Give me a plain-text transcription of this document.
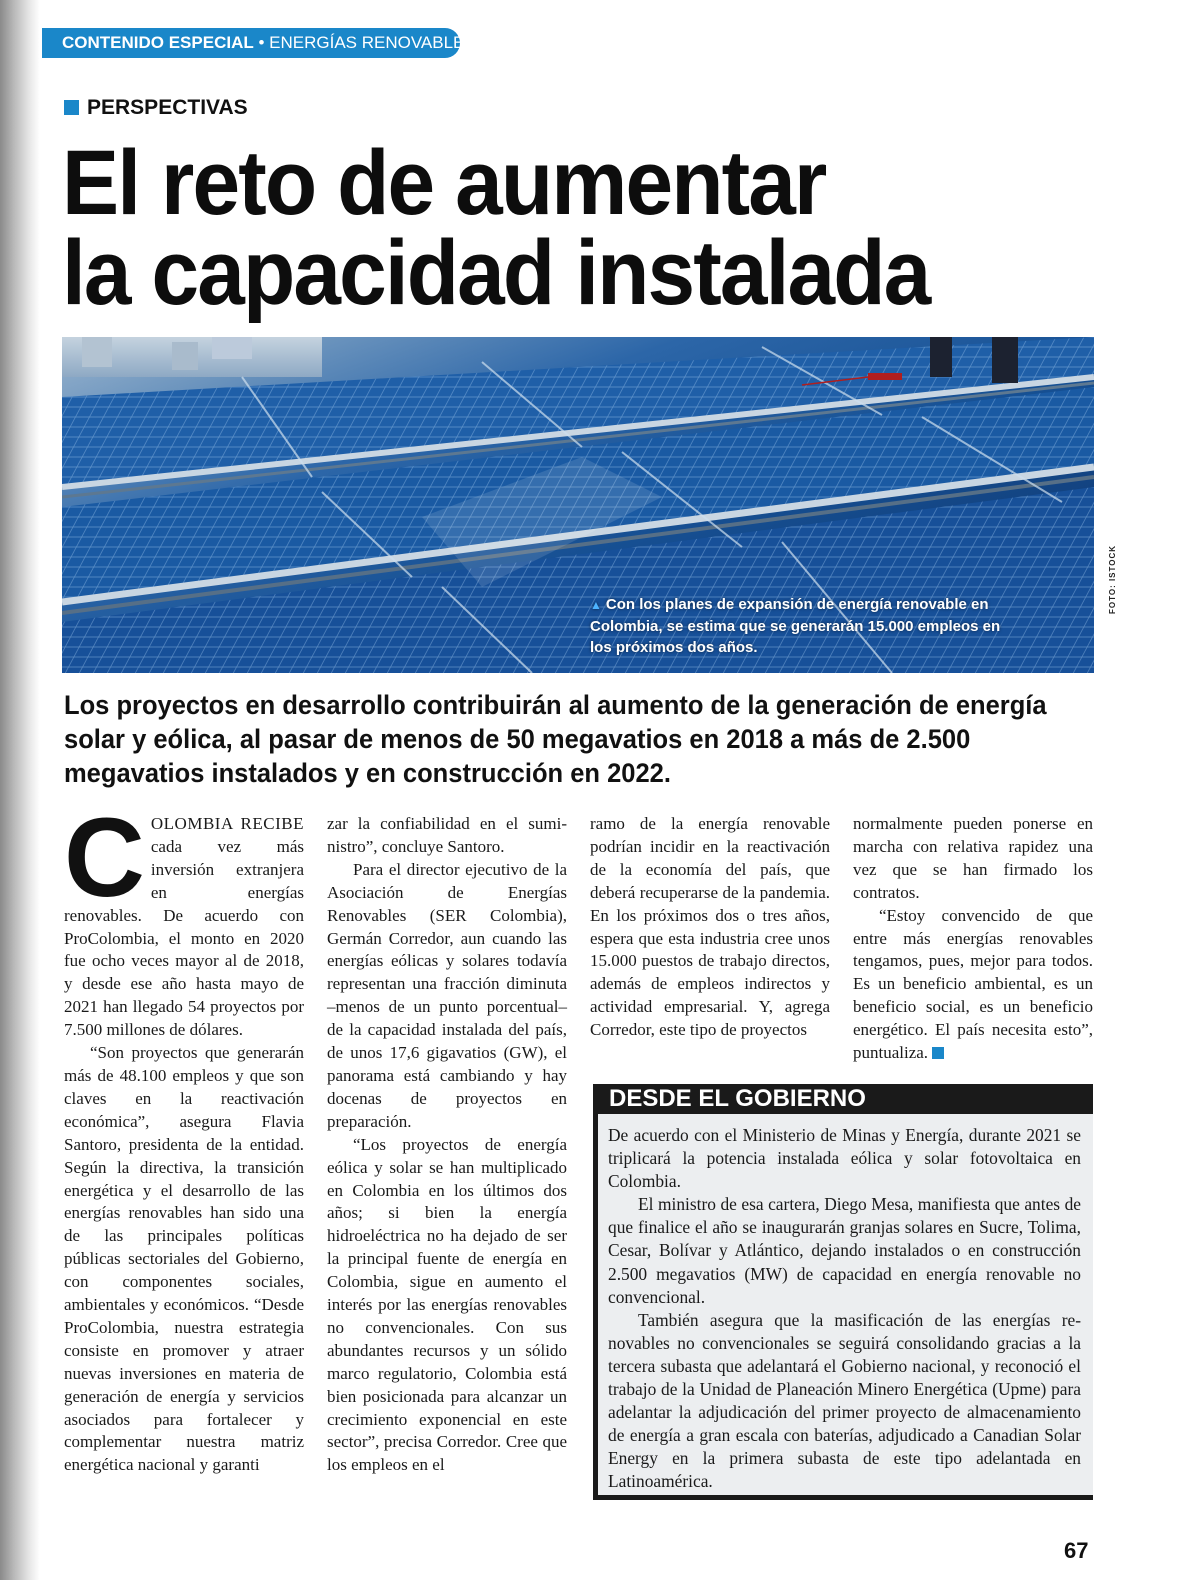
CONTENIDO ESPECIAL • ENERGÍAS RENOVABLES
PERSPECTIVAS
El reto de aumentar
la capacidad instalada
▲ Con los planes de expansión de energía renovable en Colombia, se estima que se generarán 15.000 empleos en los próximos dos años.
FOTO: ISTOCK

Los proyectos en desarrollo contribuirán al aumento de la generación de energía solar y eólica, al pasar de menos de 50 megavatios en 2018 a más de 2.500 megavatios instalados y en construcción en 2022.

COLOMBIA RECIBE cada vez más inversión extranjera en energías renovables. De acuerdo con ProColombia, el monto en 2020 fue ocho veces mayor al de 2018, y desde ese año hasta mayo de 2021 han llegado 54 proyectos por 7.500 millones de dólares.

“Son proyectos que generarán más de 48.100 empleos y que son claves en la reactivación económica”, asegura Flavia Santoro, presidenta de la entidad. Según la directiva, la transición energética y el desarrollo de las energías renovables han sido una de las principales políticas públicas sectoriales del Gobierno, con componentes sociales, ambientales y económicos. “Desde ProColombia, nuestra estrategia consiste en promover y atraer nuevas inversiones en materia de generación de energía y servicios asociados para fortalecer y complementar nuestra matriz energética nacional y garanti

zar la confiabilidad en el suministro”, concluye Santoro.

Para el director ejecutivo de la Asociación de Energías Renovables (SER Colombia), Germán Corredor, aun cuando las energías eólicas y solares todavía representan una fracción diminuta –menos de un punto porcentual– de la capacidad instalada del país, de unos 17,6 gigavatios (GW), el panorama está cambiando y hay docenas de proyectos en preparación.

“Los proyectos de energía eólica y solar se han multiplicado en Colombia en los últimos dos años; si bien la energía hidroeléctrica no ha dejado de ser la principal fuente de energía en Colombia, sigue en aumento el interés por las energías renovables no convencionales. Con sus abundantes recursos y un sólido marco regulatorio, Colombia está bien posicionada para alcanzar un crecimiento exponencial en este sector”, precisa Corredor. Cree que los empleos en el

ramo de la energía renovable podrían incidir en la reactivación de la economía del país, que deberá recuperarse de la pandemia. En los próximos dos o tres años, espera que esta industria cree unos 15.000 puestos de trabajo directos, además de empleos indirectos y actividad empresarial. Y, agrega Corredor, este tipo de proyectos

normalmente pueden ponerse en marcha con relativa rapidez una vez que se han firmado los contratos.

“Estoy convencido de que entre más energías renovables tengamos, pues, mejor para todos. Es un beneficio ambiental, es un beneficio social, es un beneficio energético. El país necesita esto”, puntualiza.

DESDE EL GOBIERNO

De acuerdo con el Ministerio de Minas y Energía, durante 2021 se triplicará la potencia instalada eólica y solar fotovoltaica en Colombia.

El ministro de esa cartera, Diego Mesa, manifiesta que antes de que finalice el año se inaugurarán granjas solares en Sucre, Tolima, Cesar, Bolívar y Atlántico, dejando instalados o en construcción 2.500 megavatios (MW) de capacidad en energía renovable no convencional.

También asegura que la masificación de las energías renovables no convencionales se seguirá consolidando gracias a la tercera subasta que adelantará el Gobierno nacional, y reconoció el trabajo de la Unidad de Planeación Minero Energética (Upme) para adelantar la adjudicación del primer proyecto de almacenamiento de energía a gran escala con baterías, adjudicado a Canadian Solar Energy en la primera subasta de este tipo adelantada en Latinoamérica.

67
